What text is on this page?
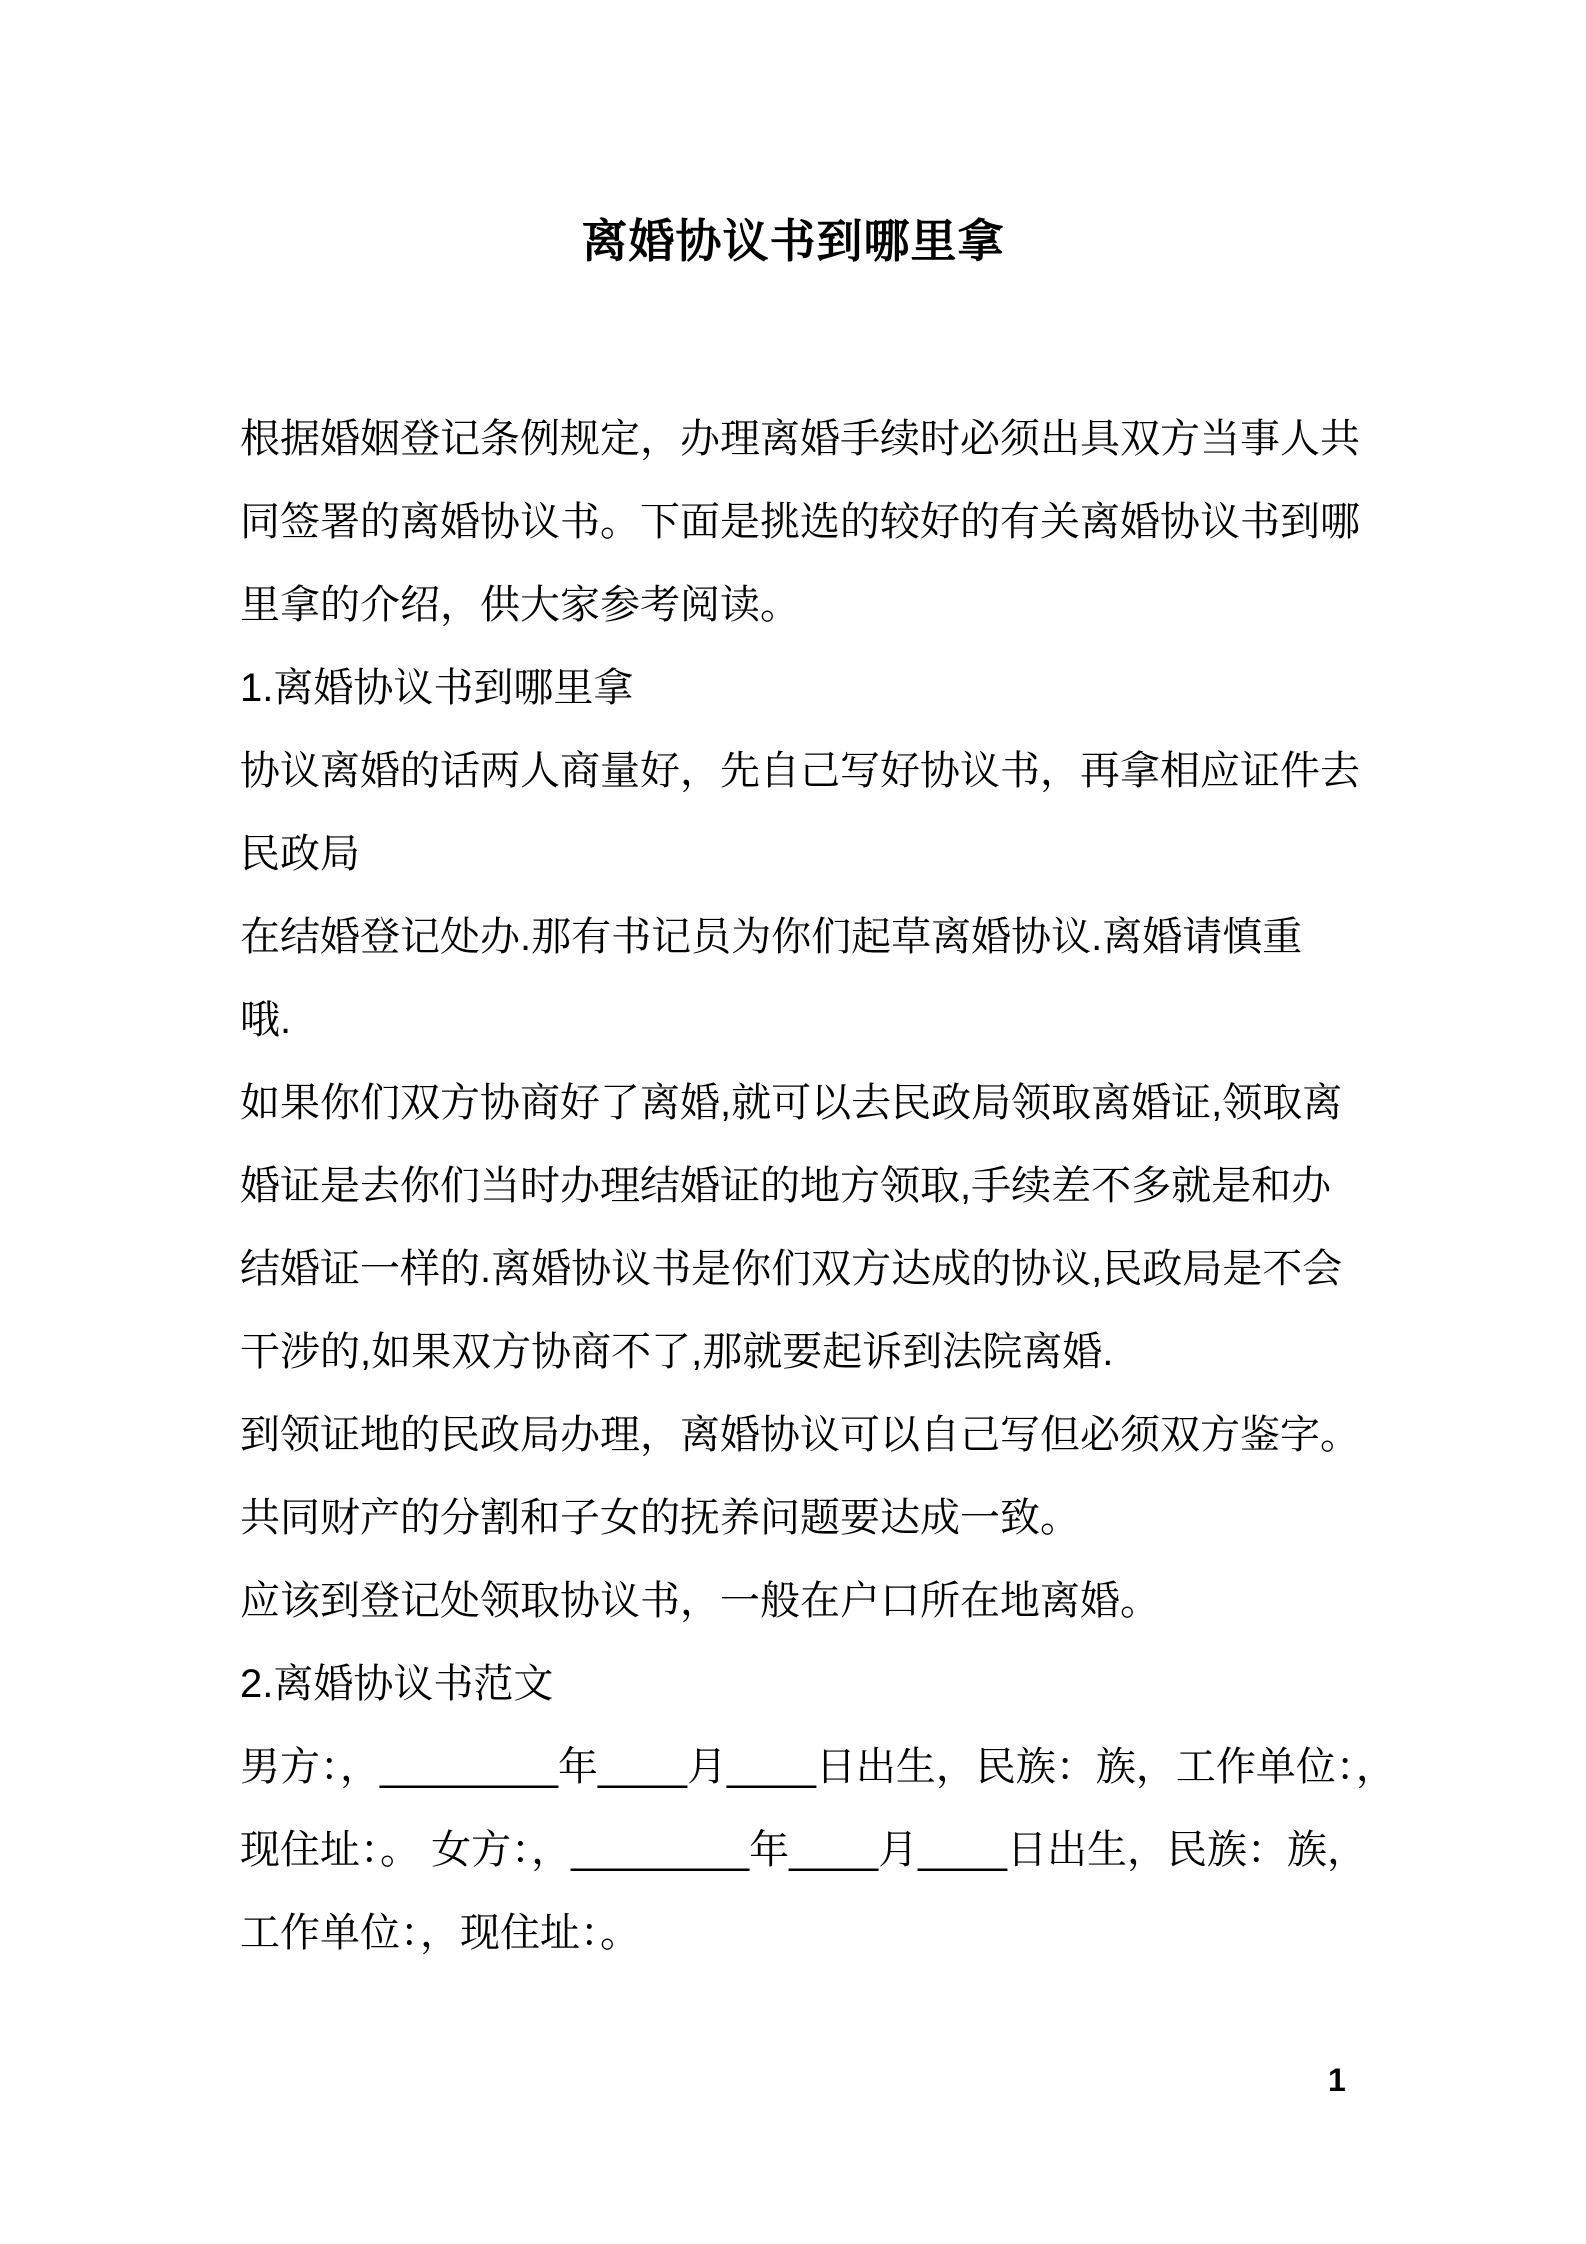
离婚协议书到哪里拿
根据婚姻登记条例规定，办理离婚手续时必须出具双方当事人共
同签署的离婚协议书。下面是挑选的较好的有关离婚协议书到哪
里拿的介绍，供大家参考阅读。
1.离婚协议书到哪里拿
协议离婚的话两人商量好，先自己写好协议书，再拿相应证件去
民政局
在结婚登记处办.那有书记员为你们起草离婚协议.离婚请慎重
哦.
如果你们双方协商好了离婚,就可以去民政局领取离婚证,领取离
婚证是去你们当时办理结婚证的地方领取,手续差不多就是和办
结婚证一样的.离婚协议书是你们双方达成的协议,民政局是不会
干涉的,如果双方协商不了,那就要起诉到法院离婚.
到领证地的民政局办理，离婚协议可以自己写但必须双方鉴字。
共同财产的分割和子女的抚养问题要达成一致。
应该到登记处领取协议书，一般在户口所在地离婚。
2.离婚协议书范文
男方：，________年____月____日出生，民族：族，工作单位：，
现住址：。 女方：，________年____月____日出生，民族：族，
工作单位：，现住址：。
1
